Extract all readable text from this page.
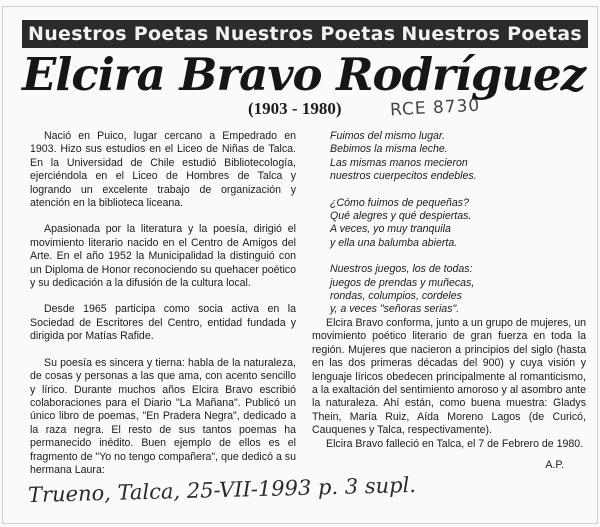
Nuestros Poetas Nuestros Poetas Nuestros Poetas
Elcira Bravo Rodríguez
(1903 - 1980)	RCE 8730

Nació en Puico, lugar cercano a Empedrado en 1903. Hizo sus estudios en el Liceo de Niñas de Talca. En la Universidad de Chile estudió Bibliotecología, ejerciéndola en el Liceo de Hombres de Talca y logrando un excelente trabajo de organización y atención en la biblioteca liceana.

Apasionada por la literatura y la poesía, dirigió el movimiento literario nacido en el Centro de Amigos del Arte. En el año 1952 la Municipalidad la distinguió con un Diploma de Honor reconociendo su quehacer poético y su dedicación a la difusión de la cultura local.

Desde 1965 participa como socia activa en la Sociedad de Escritores del Centro, entidad fundada y dirigida por Matías Rafide.

Su poesía es sincera y tierna: habla de la naturaleza, de cosas y personas a las que ama, con acento sencillo y lírico. Durante muchos años Elcira Bravo escribió colaboraciones para el Diario "La Mañana". Publicó un único libro de poemas, "En Pradera Negra", dedicado a la raza negra. El resto de sus tantos poemas ha permanecido inédito. Buen ejemplo de ellos es el fragmento de "Yo no tengo compañera", que dedicó a su hermana Laura:

Fuimos del mismo lugar.
Bebimos la misma leche.
Las mismas manos mecieron
nuestros cuerpecitos endebles.
¿Cómo fuimos de pequeñas?
Qué alegres y qué despiertas.
A veces, yo muy tranquila
y ella una balumba abierta.
Nuestros juegos, los de todas:
juegos de prendas y muñecas,
rondas, columpios, cordeles
y, a veces "señoras serias".

Elcira Bravo conforma, junto a un grupo de mujeres, un movimiento poético literario de gran fuerza en toda la región. Mujeres que nacieron a principios del siglo (hasta en las dos primeras décadas del 900) y cuya visión y lenguaje líricos obedecen principalmente al romanticismo, a la exaltación del sentimiento amoroso y al asombro ante la naturaleza. Ahí están, como buena muestra: Gladys Thein, María Ruiz, Aída Moreno Lagos (de Curicó, Cauquenes y Talca, respectivamente).

Elcira Bravo falleció en Talca, el 7 de Febrero de 1980.

A.P.
Trueno, Talca, 25-VII-1993 p. 3 supl.
